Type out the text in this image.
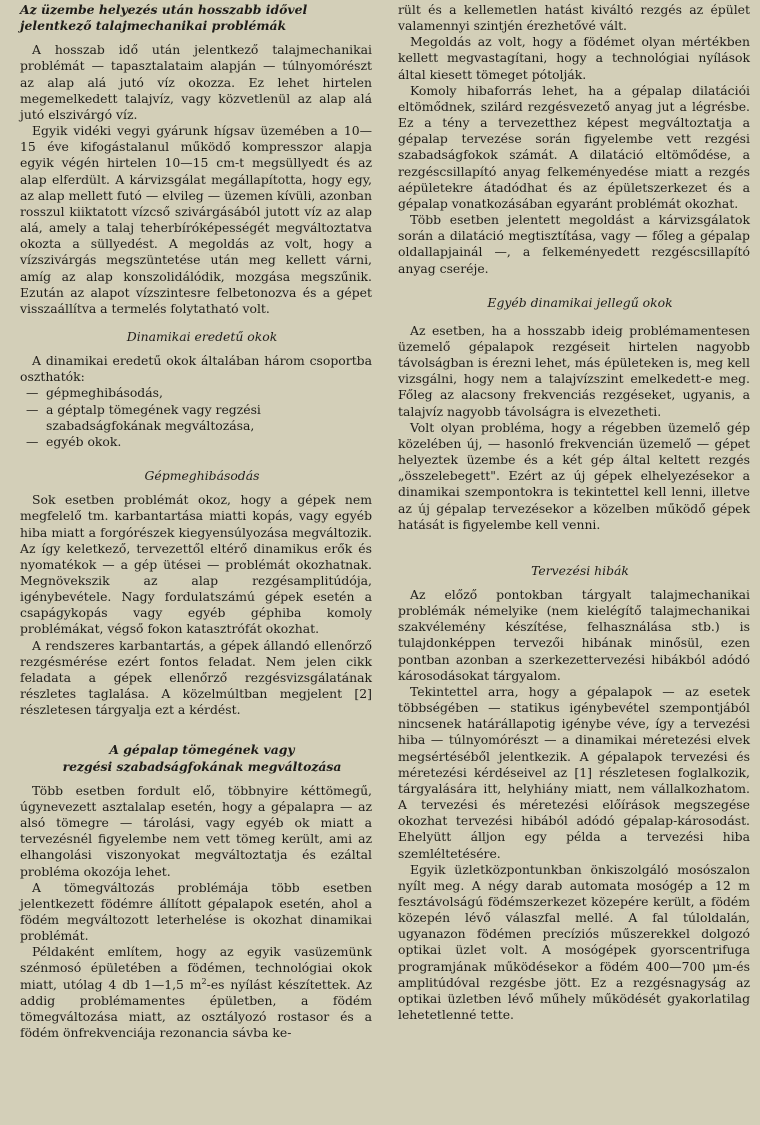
Az üzembe helyezés után hosszabb idővel jelentkező talajmechanikai problémák

A hosszab idő után jelentkező talajmechanikai problémát — tapasztalataim alapján — túlnyomórészt az alap alá jutó víz okozza. Ez lehet hirtelen megemelkedett talajvíz, vagy közvetlenül az alap alá jutó elszivárgó víz.

Egyik vidéki vegyi gyárunk hígsav üzemében a 10—15 éve kifogástalanul működő kompresszor alapja egyik végén hirtelen 10—15 cm-t megsüllyedt és az alap elferdült. A kárvizsgálat megállapította, hogy egy, az alap mellett futó — elvileg — üzemen kívüli, azonban rosszul kiiktatott vízcső szivárgásából jutott víz az alap alá, amely a talaj teherbíróképességét megváltoztatva okozta a süllyedést. A megoldás az volt, hogy a vízszivárgás megszüntetése után meg kellett várni, amíg az alap konszolidálódik, mozgása megszűnik. Ezután az alapot vízszintesre felbetonozva és a gépet visszaállítva a termelés folytatható volt.

Dinamikai eredetű okok

A dinamikai eredetű okok általában három csoportba oszthatók:

— gépmeghibásodás,
— a géptalp tömegének vagy regzési szabadságfokának megváltozása,
— egyéb okok.

Gépmeghibásodás

Sok esetben problémát okoz, hogy a gépek nem megfelelő tm. karbantartása miatti kopás, vagy egyéb hiba miatt a forgórészek kiegyensúlyozása megváltozik. Az így keletkező, tervezettől eltérő dinamikus erők és nyomatékok — a gép ütései — problémát okozhatnak. Megnövekszik az alap rezgésamplitúdója, igénybevétele. Nagy fordulatszámú gépek esetén a csapágykopás vagy egyéb géphiba komoly problémákat, végső fokon katasztrófát okozhat.

A rendszeres karbantartás, a gépek állandó ellenőrző rezgésmérése ezért fontos feladat. Nem jelen cikk feladata a gépek ellenőrző rezgésvizsgálatának részletes taglalása. A közelmúltban megjelent [2] részletesen tárgyalja ezt a kérdést.

A gépalap tömegének vagy

rezgési szabadságfokának megváltozása

Több esetben fordult elő, többnyire kéttömegű, úgynevezett asztalalap esetén, hogy a gépalapra — az alsó tömegre — tárolási, vagy egyéb ok miatt a tervezésnél figyelembe nem vett tömeg került, ami az elhangolási viszonyokat megváltoztatja és ezáltal probléma okozója lehet.

A tömegváltozás problémája több esetben jelentkezett födémre állított gépalapok esetén, ahol a födém megváltozott leterhelése is okozhat dinamikai problémát.

Példaként említem, hogy az egyik vasüzemünk szénmosó épületében a födémen, technológiai okok miatt, utólag 4 db 1—1,5 $m^2-es$ nyílást készítettek. Az addig problémamentes épületben, a födém tömegváltozása miatt, az osztályozó rostasor és a födém önfrekvenciája rezonancia sávba ke-

rült és a kellemetlen hatást kiváltó rezgés az épület valamennyi szintjén érezhetővé vált.

Megoldás az volt, hogy a födémet olyan mértékben kellett megvastagítani, hogy a technológiai nyílások által kiesett tömeget pótolják.

Komoly hibaforrás lehet, ha a gépalap dilatációi eltömődnek, szilárd rezgésvezető anyag jut a légrésbe. Ez a tény a tervezetthez képest megváltoztatja a gépalap tervezése során figyelembe vett rezgési szabadságfokok számát. A dilatáció eltömődése, a rezgéscsillapító anyag felkeményedése miatt a rezgés aépületekre átadódhat és az épületszerkezet és a gépalap vonatkozásában egyaránt problémát okozhat.

Több esetben jelentett megoldást a kárvizsgálatok során a dilatáció megtisztítása, vagy — főleg a gépalap oldallapjainál —, a felkeményedett rezgéscsillapító anyag cseréje.

Egyéb dinamikai jellegű okok

Az esetben, ha a hosszabb ideig problémamentesen üzemelő gépalapok rezgéseit hirtelen nagyobb távolságban is érezni lehet, más épületeken is, meg kell vizsgálni, hogy nem a talajvízszint emelkedett-e meg. Főleg az alacsony frekvenciás rezgéseket, ugyanis, a talajvíz nagyobb távolságra is elvezetheti.

Volt olyan probléma, hogy a régebben üzemelő gép közelében új, — hasonló frekvencián üzemelő — gépet helyeztek üzembe és a két gép által keltett rezgés „összelebegett". Ezért az új gépek elhelyezésekor a dinamikai szempontokra is tekintettel kell lenni, illetve az új gépalap tervezésekor a közelben működő gépek hatását is figyelembe kell venni.

Tervezési hibák

Az előző pontokban tárgyalt talajmechanikai problémák némelyike (nem kielégítő talajmechanikai szakvélemény készítése, felhasználása stb.) is tulajdonképpen tervezői hibának minősül, ezen pontban azonban a szerkezettervezési hibákból adódó károsodásokat tárgyalom.

Tekintettel arra, hogy a gépalapok — az esetek többségében — statikus igénybevétel szempontjából nincsenek határállapotig igénybe véve, így a tervezési hiba — túlnyomórészt — a dinamikai méretezési elvek megsértéséből jelentkezik. A gépalapok tervezési és méretezési kérdéseivel az [1] részletesen foglalkozik, tárgyalására itt, helyhiány miatt, nem vállalkozhatom. A tervezési és méretezési előírások megszegése okozhat tervezési hibából adódó gépalap-károsodást. Ehelyütt álljon egy példa a tervezési hiba szemléltetésére.

Egyik üzletközpontunkban önkiszolgáló mosószalon nyílt meg. A négy darab automata mosógép a 12 m fesztávolságú födémszerkezet közepére került, a födém közepén lévő válaszfal mellé. A fal túloldalán, ugyanazon födémen precíziós műszerekkel dolgozó optikai üzlet volt. A mosógépek gyorscentrifuga programjának működésekor a födém 400—700 μm-és amplitúdóval rezgésbe jött. Ez a rezgésnagyság az optikai üzletben lévő műhely működését gyakorlatilag lehetetlenné tette.
